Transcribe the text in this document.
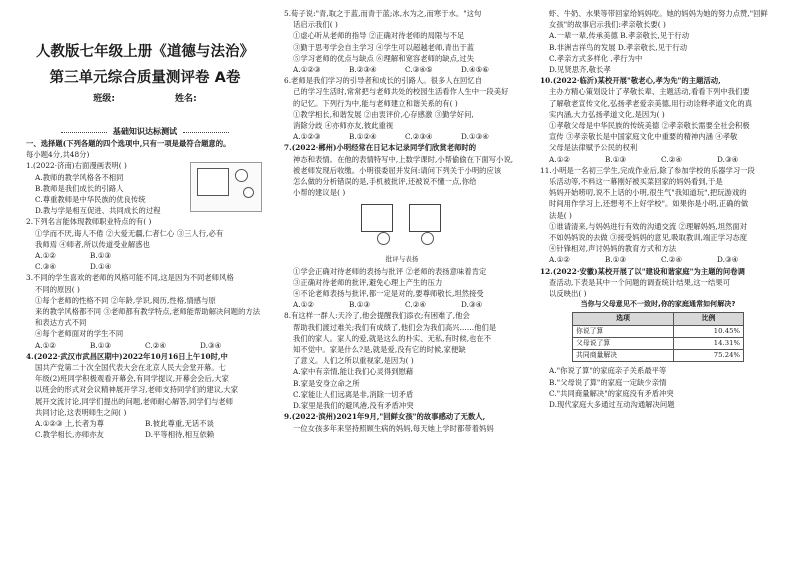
人教版七年级上册《道德与法治》
第三单元综合质量测评卷 A卷
班级:	姓名:
基础知识达标测试

一、选择题(下列各题的四个选项中,只有一项是最符合题意的。

每小题4分,共48分)

1.(2022·济南)右面漫画表明( )

A.教师的教学风格各不相同

B.教师是我们成长的引路人

C.尊重教师是中华民族的优良传统

D.教与学是相互促进、共同成长的过程

2.下列名言能体现教师职业特点的有( )

①学而不厌,诲人不倦 ②大爱无疆,仁者仁心 ③三人行,必有

我师焉 ④师者,所以传道受业解惑也

A.①②	B.①③
C.③④	D.①④

3.不同的学生喜欢的老师的风格可能不同,这是因为不同老师风格

不同的原因( )

①每个老师的性格不同 ②年龄,学识,阅历,性格,情感与原

来的教学风格都不同 ③老师都有教学特点,老师能帮助解决问题的方法和表达方式不同

④每个老师面对的学生不同

A.①②	B.①③	C.②④	D.③④

4.(2022·武汉市武昌区期中)2022年10月16日上午10时,中

国共产党第二十次全国代表大会在北京人民大会堂开幕。七

年级(2)班同学积极观看开幕会,有同学提议,开幕会会后,大家

以班会的形式对会议精神展开学习,老师支持同学们的建议,大家

展开交流讨论,同学们提出的问题,老师耐心解答,同学们与老师

共同讨论,这表明师生之间( )

A.①②③ 上,长者为尊	B.彼此尊重,无话不谈
C.教学相长,亦师亦友	D.平等相待,相互依赖

5.荀子说:"青,取之于蓝,而青于蓝;冰,水为之,而寒于水。"这句

话启示我们( )

①虚心听从老师的指导 ②正确对待老师的局限与不足

③勤于思考学会自主学习 ④学生可以超越老师,青出于蓝

⑤学习老师的优点与缺点 ⑥理解和宽容老师的缺点,过失

A.①②③	B.②③④	C.③④⑤	D.④⑤⑥

6.老师是我们学习的引导者和成长的引路人。很多人在回忆自

己的学习生活时,常常把与老师共处的校园生活看作人生中一段美好

的记忆。下列行为中,能与老师建立和谐关系的有( )

①教学相长,和谐发展 ②由衷评价,心存感激 ③勤学好问,

消除分歧 ④亦师亦友,彼此重视

A.①②③	B.①②④	C.②③④	D.①③④

7.(2022·郴州)小明经常在日记本记录同学们欣赏老师时的

神态和表情。在他的表情特写中,上数学课时,小帮偷偷在下面写小说,

被老师发现后收缴。小明很委屈并发问:请问下列关于小明的应该

怎么做的分析错误的是,手机被批评,还被说不懂一点,你给

小帮的建议是( )

批评与表扬

①学会正确对待老师的表扬与批评 ②老师的表扬意味着肯定

③正确对待老师的批评,避免心理上产生的压力

④不论老师表扬与批评,都一定是对的,要尊师敬长,坦然接受

A.①②	B.①③	C.②④	D.③④

8.有这样一群人:天冷了,他会提醒我们添衣;有困难了,他会

帮助我们渡过难关;我们有成绩了,他们会为我们高兴……他们是

我们的家人。家人的爱,就是这么的朴实、无私,有时候,也在不

知不觉中。家是什么?是,就是爱,没有它的时候,家便缺

了意义。人们之所以重视家,是因为( )

A.家中有亲情,能让我们心灵得到慰藉

B.家是安身立命之所

C.家能让人们远离是非,消除一切矛盾

D.家里是我们的避风港,没有矛盾冲突

9.(2022·滨州)2021年9月,"回鲜女孩"的故事感动了无数人,

一位女孩多年来坚持照顾生病的妈妈,每天她上学时都带着妈妈

虾、牛奶、水果等带回家给妈妈吃。她的妈妈为她的努力点赞,"回鲜

女孩"的故事启示我们:孝亲敬长要( )

A.一辈一辈,传承美德 B.孝亲敬长,见于行动

B.非洲吉祥鸟的发展 D.孝亲敬长,见于行动

C.孝亲方式多样化 ,孝行为中

D.见贤思齐,敬长孝

10.(2022·临沂)某校开展"敬老心,孝为先"的主题活动,

主办方精心策划设计了孝敬长辈、主题活动,看看下列中我们要

了解敬老宣传文化,弘扬孝老爱亲美德,用行动诠释孝道文化的真

实内涵,大力弘扬孝道文化,是因为( )

①孝敬父母是中华民族的传统美德 ②孝亲敬长需要全社会积极

宣传 ③孝亲敬长是中国家庭文化中重要的精神内涵 ④孝敬

父母是法律赋予公民的权利

A.①②	B.①③	C.②④	D.③④

11.小明是一名初三学生,完成作业后,除了参加学校的乐器学习一段

乐活动等,不料这一幕刚好被买菜回家的妈妈看到,于是

妈妈开始唠叨,说不上话的小明,很生气"我知道玩",把玩游戏的

时间用作学习上,还想考不上好学校"。如果你是小明,正确的做

法是( )

①谁请清来,与妈妈进行有效的沟通交流 ②理解妈妈,坦然面对

不如妈妈说的去做 ③接受妈妈的意见,吸取教训,端正学习态度

④针锋相对,声讨妈妈的教育方式和方法

A.①②	B.①③	C.②④	D.③④

12.(2022·安徽)某校开展了以"建设和谐家庭"为主题的问卷调

查活动,下表是其中一个问题的调查统计结果,这一结果可

以反映出( )

当你与父母意见不一致时,你的家庭通常如何解决?
选项	比例
你说了算	10.45%
父母说了算	14.31%
共同商量解决	75.24%

A."你说了算"的家庭亲子关系最平等

B."父母说了算"的家庭一定缺少亲情

C."共同商量解决"的家庭没有矛盾冲突

D.现代家庭大多通过互动沟通解决问题
